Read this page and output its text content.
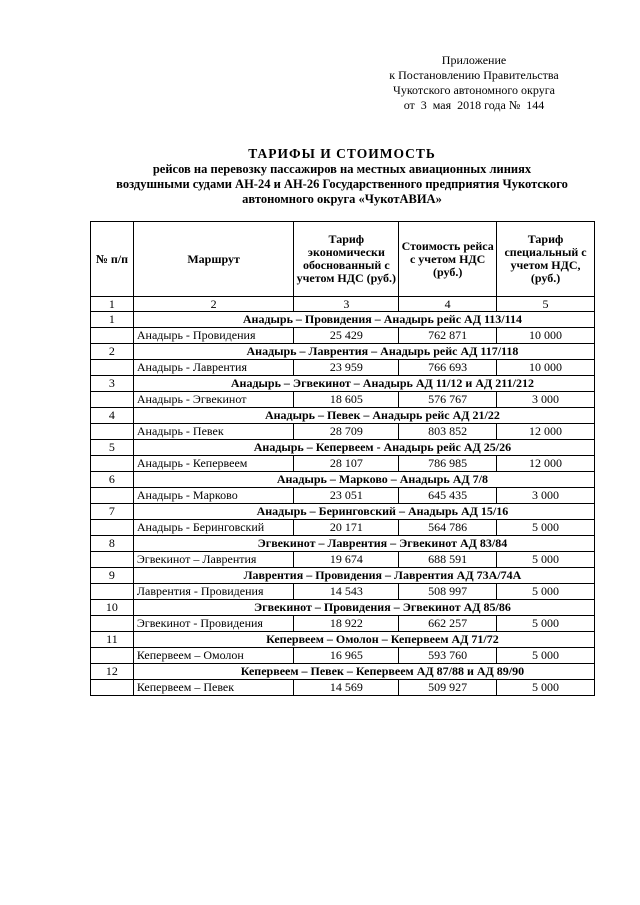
Приложение
к Постановлению Правительства
Чукотского автономного округа
от  3  мая  2018 года №  144
ТАРИФЫ И СТОИМОСТЬ
рейсов на перевозку пассажиров на местных авиационных линиях
воздушными судами АН-24 и АН-26 Государственного предприятия Чукотского
автономного округа «ЧукотАВИА»
№ п/п	Маршрут	Тариф экономически обоснованный с учетом НДС (руб.)	Стоимость рейса с учетом НДС (руб.)	Тариф специальный с учетом НДС, (руб.)
1	2	3	4	5
1	Анадырь – Провидения – Анадырь рейс АД 113/114			
	Анадырь - Провидения	25 429	762 871	10 000
2	Анадырь – Лаврентия – Анадырь рейс АД 117/118			
	Анадырь - Лаврентия	23 959	766 693	10 000
3	Анадырь – Эгвекинот – Анадырь АД 11/12 и АД 211/212			
	Анадырь - Эгвекинот	18 605	576 767	3 000
4	Анадырь – Певек – Анадырь рейс АД 21/22			
	Анадырь - Певек	28 709	803 852	12 000
5	Анадырь – Кепервеем - Анадырь рейс АД 25/26			
	Анадырь - Кепервеем	28 107	786 985	12 000
6	Анадырь – Марково – Анадырь АД 7/8			
	Анадырь - Марково	23 051	645 435	3 000
7	Анадырь – Беринговский – Анадырь АД 15/16			
	Анадырь - Беринговский	20 171	564 786	5 000
8	Эгвекинот – Лаврентия – Эгвекинот АД 83/84			
	Эгвекинот – Лаврентия	19 674	688 591	5 000
9	Лаврентия – Провидения – Лаврентия АД 73А/74А			
	Лаврентия - Провидения	14 543	508 997	5 000
10	Эгвекинот – Провидения – Эгвекинот АД 85/86			
	Эгвекинот - Провидения	18 922	662 257	5 000
11	Кепервеем – Омолон – Кепервеем АД 71/72			
	Кепервеем – Омолон	16 965	593 760	5 000
12	Кепервеем – Певек – Кепервеем АД 87/88 и АД 89/90			
	Кепервеем – Певек	14 569	509 927	5 000
